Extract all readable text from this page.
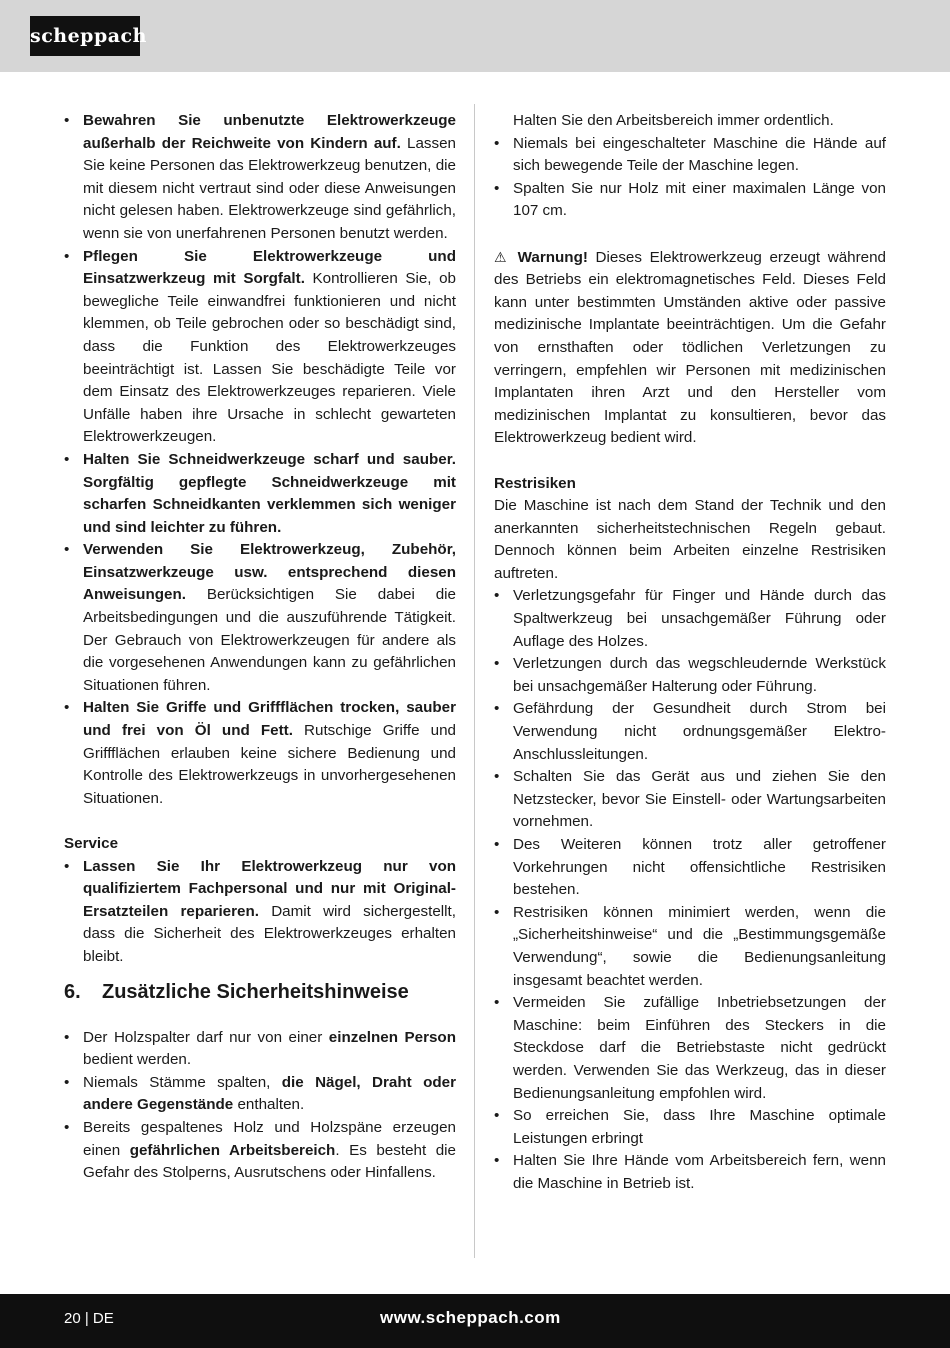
scheppach
• Bewahren Sie unbenutzte Elektrowerkzeuge außerhalb der Reichweite von Kindern auf. Lassen Sie keine Personen das Elektrowerkzeug benutzen, die mit diesem nicht vertraut sind oder diese Anweisungen nicht gelesen haben. Elektrowerkzeuge sind gefährlich, wenn sie von unerfahrenen Personen benutzt werden.
• Pflegen Sie Elektrowerkzeuge und Einsatzwerkzeug mit Sorgfalt. Kontrollieren Sie, ob bewegliche Teile einwandfrei funktionieren und nicht klemmen, ob Teile gebrochen oder so beschädigt sind, dass die Funktion des Elektrowerkzeuges beeinträchtigt ist. Lassen Sie beschädigte Teile vor dem Einsatz des Elektrowerkzeuges reparieren. Viele Unfälle haben ihre Ursache in schlecht gewarteten Elektrowerkzeugen.
• Halten Sie Schneidwerkzeuge scharf und sauber. Sorgfältig gepflegte Schneidwerkzeuge mit scharfen Schneidkanten verklemmen sich weniger und sind leichter zu führen.
• Verwenden Sie Elektrowerkzeug, Zubehör, Einsatzwerkzeuge usw. entsprechend diesen Anweisungen. Berücksichtigen Sie dabei die Arbeitsbedingungen und die auszuführende Tätigkeit. Der Gebrauch von Elektrowerkzeugen für andere als die vorgesehenen Anwendungen kann zu gefährlichen Situationen führen.
• Halten Sie Griffe und Griffflächen trocken, sauber und frei von Öl und Fett. Rutschige Griffe und Griffflächen erlauben keine sichere Bedienung und Kontrolle des Elektrowerkzeugs in unvorhergesehenen Situationen.
Service
• Lassen Sie Ihr Elektrowerkzeug nur von qualifiziertem Fachpersonal und nur mit Original-Ersatzteilen reparieren. Damit wird sichergestellt, dass die Sicherheit des Elektrowerkzeuges erhalten bleibt.
6. Zusätzliche Sicherheitshinweise
• Der Holzspalter darf nur von einer einzelnen Person bedient werden.
• Niemals Stämme spalten, die Nägel, Draht oder andere Gegenstände enthalten.
• Bereits gespaltenes Holz und Holzspäne erzeugen einen gefährlichen Arbeitsbereich. Es besteht die Gefahr des Stolperns, Ausrutschens oder Hinfallens.
Halten Sie den Arbeitsbereich immer ordentlich.
• Niemals bei eingeschalteter Maschine die Hände auf sich bewegende Teile der Maschine legen.
• Spalten Sie nur Holz mit einer maximalen Länge von 107 cm.
⚠ Warnung! Dieses Elektrowerkzeug erzeugt während des Betriebs ein elektromagnetisches Feld. Dieses Feld kann unter bestimmten Umständen aktive oder passive medizinische Implantate beeinträchtigen. Um die Gefahr von ernsthaften oder tödlichen Verletzungen zu verringern, empfehlen wir Personen mit medizinischen Implantaten ihren Arzt und den Hersteller vom medizinischen Implantat zu konsultieren, bevor das Elektrowerkzeug bedient wird.
Restrisiken
Die Maschine ist nach dem Stand der Technik und den anerkannten sicherheitstechnischen Regeln gebaut. Dennoch können beim Arbeiten einzelne Restrisiken auftreten.
• Verletzungsgefahr für Finger und Hände durch das Spaltwerkzeug bei unsachgemäßer Führung oder Auflage des Holzes.
• Verletzungen durch das wegschleudernde Werkstück bei unsachgemäßer Halterung oder Führung.
• Gefährdung der Gesundheit durch Strom bei Verwendung nicht ordnungsgemäßer Elektro-Anschlussleitungen.
• Schalten Sie das Gerät aus und ziehen Sie den Netzstecker, bevor Sie Einstell- oder Wartungsarbeiten vornehmen.
• Des Weiteren können trotz aller getroffener Vorkehrungen nicht offensichtliche Restrisiken bestehen.
• Restrisiken können minimiert werden, wenn die „Sicherheitshinweise“ und die „Bestimmungsgemäße Verwendung“, sowie die Bedienungsanleitung insgesamt beachtet werden.
• Vermeiden Sie zufällige Inbetriebsetzungen der Maschine: beim Einführen des Steckers in die Steckdose darf die Betriebstaste nicht gedrückt werden. Verwenden Sie das Werkzeug, das in dieser Bedienungsanleitung empfohlen wird.
• So erreichen Sie, dass Ihre Maschine optimale Leistungen erbringt
• Halten Sie Ihre Hände vom Arbeitsbereich fern, wenn die Maschine in Betrieb ist.
20 | DE	www.scheppach.com
